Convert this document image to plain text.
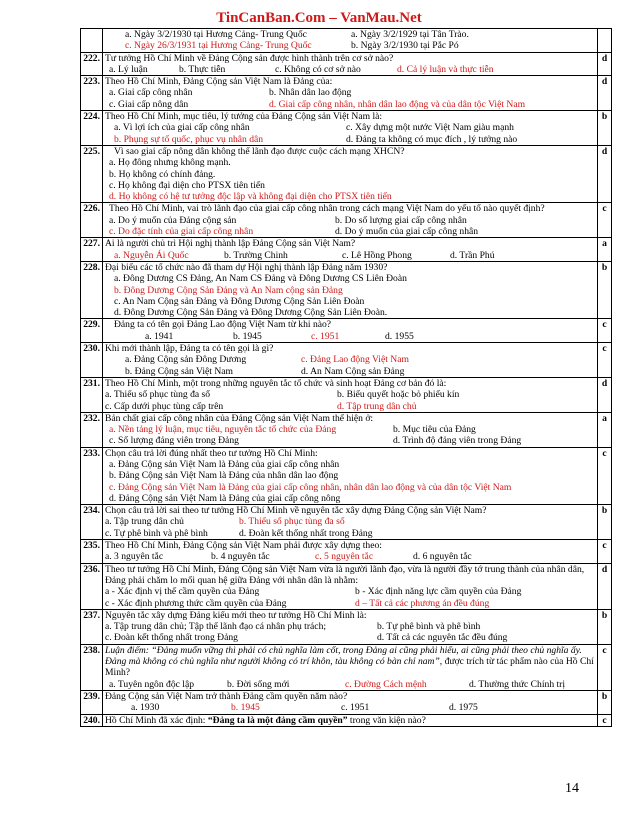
TinCanBan.Com – VanMau.Net

	a. Ngày 3/2/1930 tại Hương Cảng- Trung Quốc a. Ngày 3/2/1929 tại Tân Trào.
c. Ngày 26/3/1931 tại Hương Cảng- Trung Quốc b. Ngày 3/2/1930 tại Pắc Pó	

222.	Tư tưởng Hồ Chí Minh về Đảng Cộng sản được hình thành trên cơ sở nào?
a. Lý luận b. Thực tiễn c. Không có cơ sở nào d. Cả lý luận và thực tiễn	d
223.	Theo Hồ Chí Minh, Đảng Cộng sản Việt Nam là Đảng của:
a. Giai cấp công nhân b. Nhân dân lao động
c. Giai cấp nông dân d. Giai cấp công nhân, nhân dân lao động và của dân tộc Việt Nam	d
224.	Theo Hồ Chí Minh, mục tiêu, lý tưởng của Đảng Cộng sản Việt Nam là:
a. Vì lợi ích của giai cấp công nhân c. Xây dựng một nước Việt Nam giàu mạnh
b. Phụng sự tổ quốc, phục vụ nhân dân d. Đảng ta không có mục đích , lý tưởng nào	b
225.	Vì sao giai cấp nông dân không thể lãnh đạo được cuộc cách mạng XHCN?
a. Họ đông nhưng không mạnh.
b. Họ không có chính đảng.
c. Họ không đại diện cho PTSX tiên tiến
d. Họ không có hệ tư tưởng độc lập và không đại diện cho PTSX tiên tiến	d
226.	Theo Hồ Chí Minh, vai trò lãnh đạo của giai cấp công nhân trong cách mạng Việt Nam do yếu tố nào quyết định?
a. Do ý muốn của Đảng cộng sản b. Do số lượng giai cấp công nhân
c. Do đặc tính của giai cấp công nhân d. Do ý muốn của giai cấp công nhân	c
227.	Ai là người chủ trì Hội nghị thành lập Đảng Cộng sản Việt Nam?
a. Nguyễn Ái Quốc b. Trường Chinh c. Lê Hồng Phong d. Trần Phú	a
228.	Đại biểu các tổ chức nào đã tham dự Hội nghị thành lập Đảng năm 1930?
a. Đông Dương CS Đảng, An Nam CS Đảng và Đông Dương CS Liên Đoàn
b. Đông Dương Cộng Sản Đảng và An Nam cộng sản Đảng
c. An Nam Cộng sản Đảng và Đông Dương Cộng Sản Liên Đoàn
d. Đông Dương Cộng Sản Đảng và Đông Dương Cộng Sản Liên Đoàn.	b
229.	Đảng ta có tên gọi Đảng Lao động Việt Nam từ khi nào?
a. 1941 b. 1945 c. 1951 d. 1955	c
230.	Khi mới thành lập, Đảng ta có tên gọi là gì?
a. Đảng Cộng sản Đông Dương c. Đảng Lao động Việt Nam
b. Đảng Cộng sản Việt Nam d. An Nam Cộng sản Đảng	c
231.	Theo Hồ Chí Minh, một trong những nguyên tắc tổ chức và sinh hoạt Đảng cơ bản đó là:
a. Thiểu số phục tùng đa số b. Biểu quyết hoặc bỏ phiếu kín
c. Cấp dưới phục tùng cấp trên d. Tập trung dân chủ	d
232.	Bản chất giai cấp công nhân của Đảng Cộng sản Việt Nam thể hiện ở:
a. Nền tảng lý luận, mục tiêu, nguyên tắc tổ chức của Đảng b. Mục tiêu của Đảng
c. Số lượng đảng viên trong Đảng d. Trình độ đảng viên trong Đảng	a
233.	Chọn câu trả lời đúng nhất theo tư tưởng Hồ Chí Minh:
a. Đảng Cộng sản Việt Nam là Đảng của giai cấp công nhân
b. Đảng Cộng sản Việt Nam là Đảng của nhân dân lao động
c. Đảng Cộng sản Việt Nam là Đảng của giai cấp công nhân, nhân dân lao động và của dân tộc Việt Nam
d. Đảng Cộng sản Việt Nam là Đảng của giai cấp công nông	c
234.	Chọn câu trả lời sai theo tư tưởng Hồ Chí Minh về nguyên tắc xây dựng Đảng Cộng sản Việt Nam?
a. Tập trung dân chủ b. Thiểu số phục tùng đa số
c. Tự phê bình và phê bình d. Đoàn kết thống nhất trong Đảng	b
235.	Theo Hồ Chí Minh, Đảng Cộng sản Việt Nam phải được xây dựng theo:
a. 3 nguyên tắc b. 4 nguyên tắc c. 5 nguyên tắc d. 6 nguyên tắc	c
236.	Theo tư tưởng Hồ Chí Minh, Đảng Cộng sản Việt Nam vừa là người lãnh đạo, vừa là người đầy tớ trung thành của nhân dân, Đảng phải chăm lo mối quan hệ giữa Đảng với nhân dân là nhằm:
a - Xác định vị thế cầm quyền của Đảng b - Xác định năng lực cầm quyền của Đảng
c - Xác định phương thức cầm quyền của Đảng d – Tất cả các phương án đều đúng	d
237.	Nguyên tắc xây dựng Đảng kiểu mới theo tư tưởng Hồ Chí Minh là:
a. Tập trung dân chủ; Tập thể lãnh đạo cá nhân phụ trách; b. Tự phê bình và phê bình
c. Đoàn kết thống nhất trong Đảng d. Tất cả các nguyên tắc đều đúng	b
238.	Luận điểm: “Đảng muốn vững thì phải có chủ nghĩa làm cốt, trong Đảng ai cũng phải hiểu, ai cũng phải theo chủ nghĩa ấy. Đảng mà không có chủ nghĩa như người không có trí khôn, tàu không có bàn chỉ nam”, được trích từ tác phẩm nào của Hồ Chí Minh?
a. Tuyên ngôn độc lập b. Đời sống mới c. Đường Cách mệnh d. Thường thức Chính trị	c
239.	Đảng Cộng sản Việt Nam trở thành Đảng cầm quyền năm nào?
a. 1930 b. 1945 c. 1951 d. 1975	b
240.	Hồ Chí Minh đã xác định: “Đảng ta là một đảng cầm quyền” trong văn kiện nào?	c
14
